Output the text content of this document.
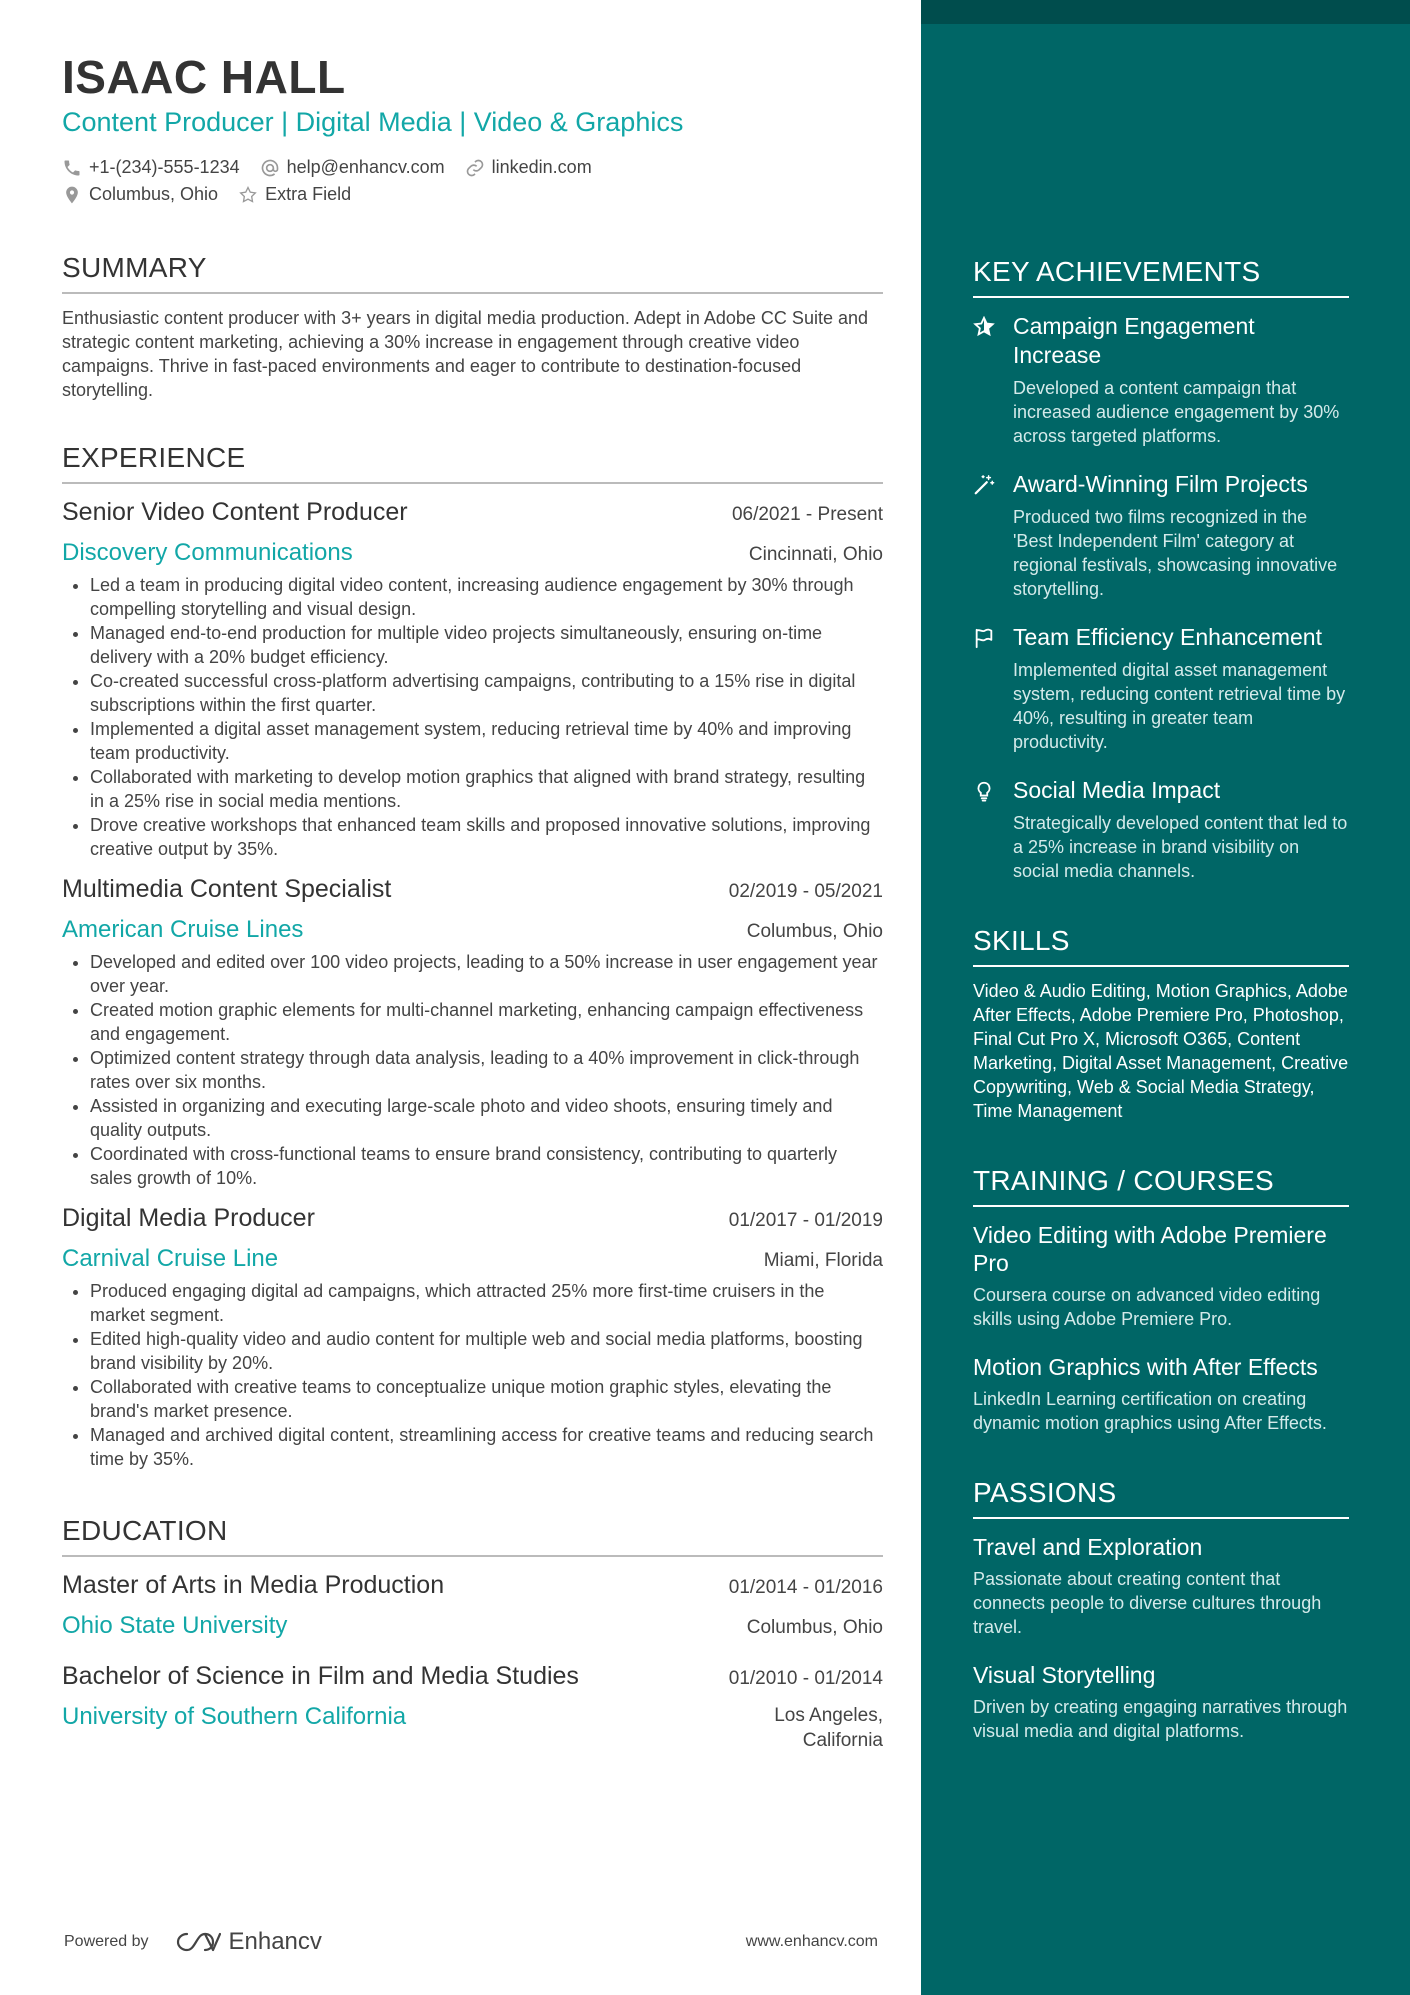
ISAAC HALL
Content Producer | Digital Media | Video & Graphics
+1-(234)-555-1234	help@enhancv.com	linkedin.com
Columbus, Ohio	Extra Field
SUMMARY
Enthusiastic content producer with 3+ years in digital media production. Adept in Adobe CC Suite and strategic content marketing, achieving a 30% increase in engagement through creative video campaigns. Thrive in fast-paced environments and eager to contribute to destination-focused storytelling.
EXPERIENCE
Senior Video Content Producer	06/2021 - Present
Discovery Communications	Cincinnati, Ohio
• Led a team in producing digital video content, increasing audience engagement by 30% through compelling storytelling and visual design.
• Managed end-to-end production for multiple video projects simultaneously, ensuring on-time delivery with a 20% budget efficiency.
• Co-created successful cross-platform advertising campaigns, contributing to a 15% rise in digital subscriptions within the first quarter.
• Implemented a digital asset management system, reducing retrieval time by 40% and improving team productivity.
• Collaborated with marketing to develop motion graphics that aligned with brand strategy, resulting in a 25% rise in social media mentions.
• Drove creative workshops that enhanced team skills and proposed innovative solutions, improving creative output by 35%.
Multimedia Content Specialist	02/2019 - 05/2021
American Cruise Lines	Columbus, Ohio
• Developed and edited over 100 video projects, leading to a 50% increase in user engagement year over year.
• Created motion graphic elements for multi-channel marketing, enhancing campaign effectiveness and engagement.
• Optimized content strategy through data analysis, leading to a 40% improvement in click-through rates over six months.
• Assisted in organizing and executing large-scale photo and video shoots, ensuring timely and quality outputs.
• Coordinated with cross-functional teams to ensure brand consistency, contributing to quarterly sales growth of 10%.
Digital Media Producer	01/2017 - 01/2019
Carnival Cruise Line	Miami, Florida
• Produced engaging digital ad campaigns, which attracted 25% more first-time cruisers in the market segment.
• Edited high-quality video and audio content for multiple web and social media platforms, boosting brand visibility by 20%.
• Collaborated with creative teams to conceptualize unique motion graphic styles, elevating the brand's market presence.
• Managed and archived digital content, streamlining access for creative teams and reducing search time by 35%.
EDUCATION
Master of Arts in Media Production	01/2014 - 01/2016
Ohio State University	Columbus, Ohio
Bachelor of Science in Film and Media Studies	01/2010 - 01/2014
University of Southern California	Los Angeles, California
Powered by	Enhancv	www.enhancv.com
KEY ACHIEVEMENTS
Campaign Engagement Increase
Developed a content campaign that increased audience engagement by 30% across targeted platforms.
Award-Winning Film Projects
Produced two films recognized in the 'Best Independent Film' category at regional festivals, showcasing innovative storytelling.
Team Efficiency Enhancement
Implemented digital asset management system, reducing content retrieval time by 40%, resulting in greater team productivity.
Social Media Impact
Strategically developed content that led to a 25% increase in brand visibility on social media channels.
SKILLS
Video & Audio Editing, Motion Graphics, Adobe After Effects, Adobe Premiere Pro, Photoshop, Final Cut Pro X, Microsoft O365, Content Marketing, Digital Asset Management, Creative Copywriting, Web & Social Media Strategy, Time Management
TRAINING / COURSES
Video Editing with Adobe Premiere Pro
Coursera course on advanced video editing skills using Adobe Premiere Pro.
Motion Graphics with After Effects
LinkedIn Learning certification on creating dynamic motion graphics using After Effects.
PASSIONS
Travel and Exploration
Passionate about creating content that connects people to diverse cultures through travel.
Visual Storytelling
Driven by creating engaging narratives through visual media and digital platforms.
